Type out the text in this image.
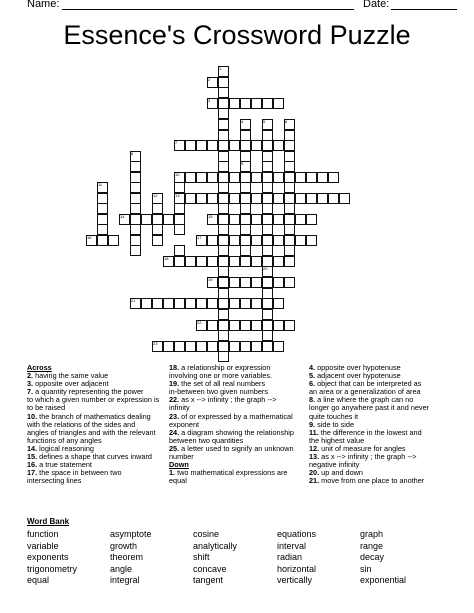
Name:	Date:
Essence's Crossword Puzzle
1
2
3
4	5	6
7
8
9
10
11
12	13
14	15
16	17
18
19
20
21
22
23
Across
2. having the same value
3. opposite over adjacent
7. a quantity representing the power
to which a given number or expression is
to be raised
10. the branch of mathematics dealing
with the relations of the sides and
angles of triangles and with the relevant
functions of any angles
14. logical reasoning
15. defines a shape that curves inward
16. a true statement
17. the space in between two
intersecting lines
18. a relationship or expression
involving one or more variables.
19. the set of all real numbers
in-between two given numbers
22. as x --> infinity ; the graph -->
infinity
23. of or expressed by a mathematical
exponent
24. a diagram showing the relationship
between two quantities
25. a letter used to signify an unknown
number
Down
1. two mathematical expressions are
equal
4. opposite over hypotenuse
5. adjacent over hypotenuse
6. object that can be interpreted as
an area or a generalization of area
8. a line where the graph can no
longer go anywhere past it and never
quite touches it
9. side to side
11. the difference in the lowest and
the highest value
12. unit of measure for angles
13. as x --> infinity ; the graph -->
negative infinity
20. up and down
21. move from one place to another
Word Bank
function	asymptote	cosine	equations	graph
variable	growth	analytically	interval	range
exponents	theorem	shift	radian	decay
trigonometry	angle	concave	horizontal	sin
equal	integral	tangent	vertically	exponential
